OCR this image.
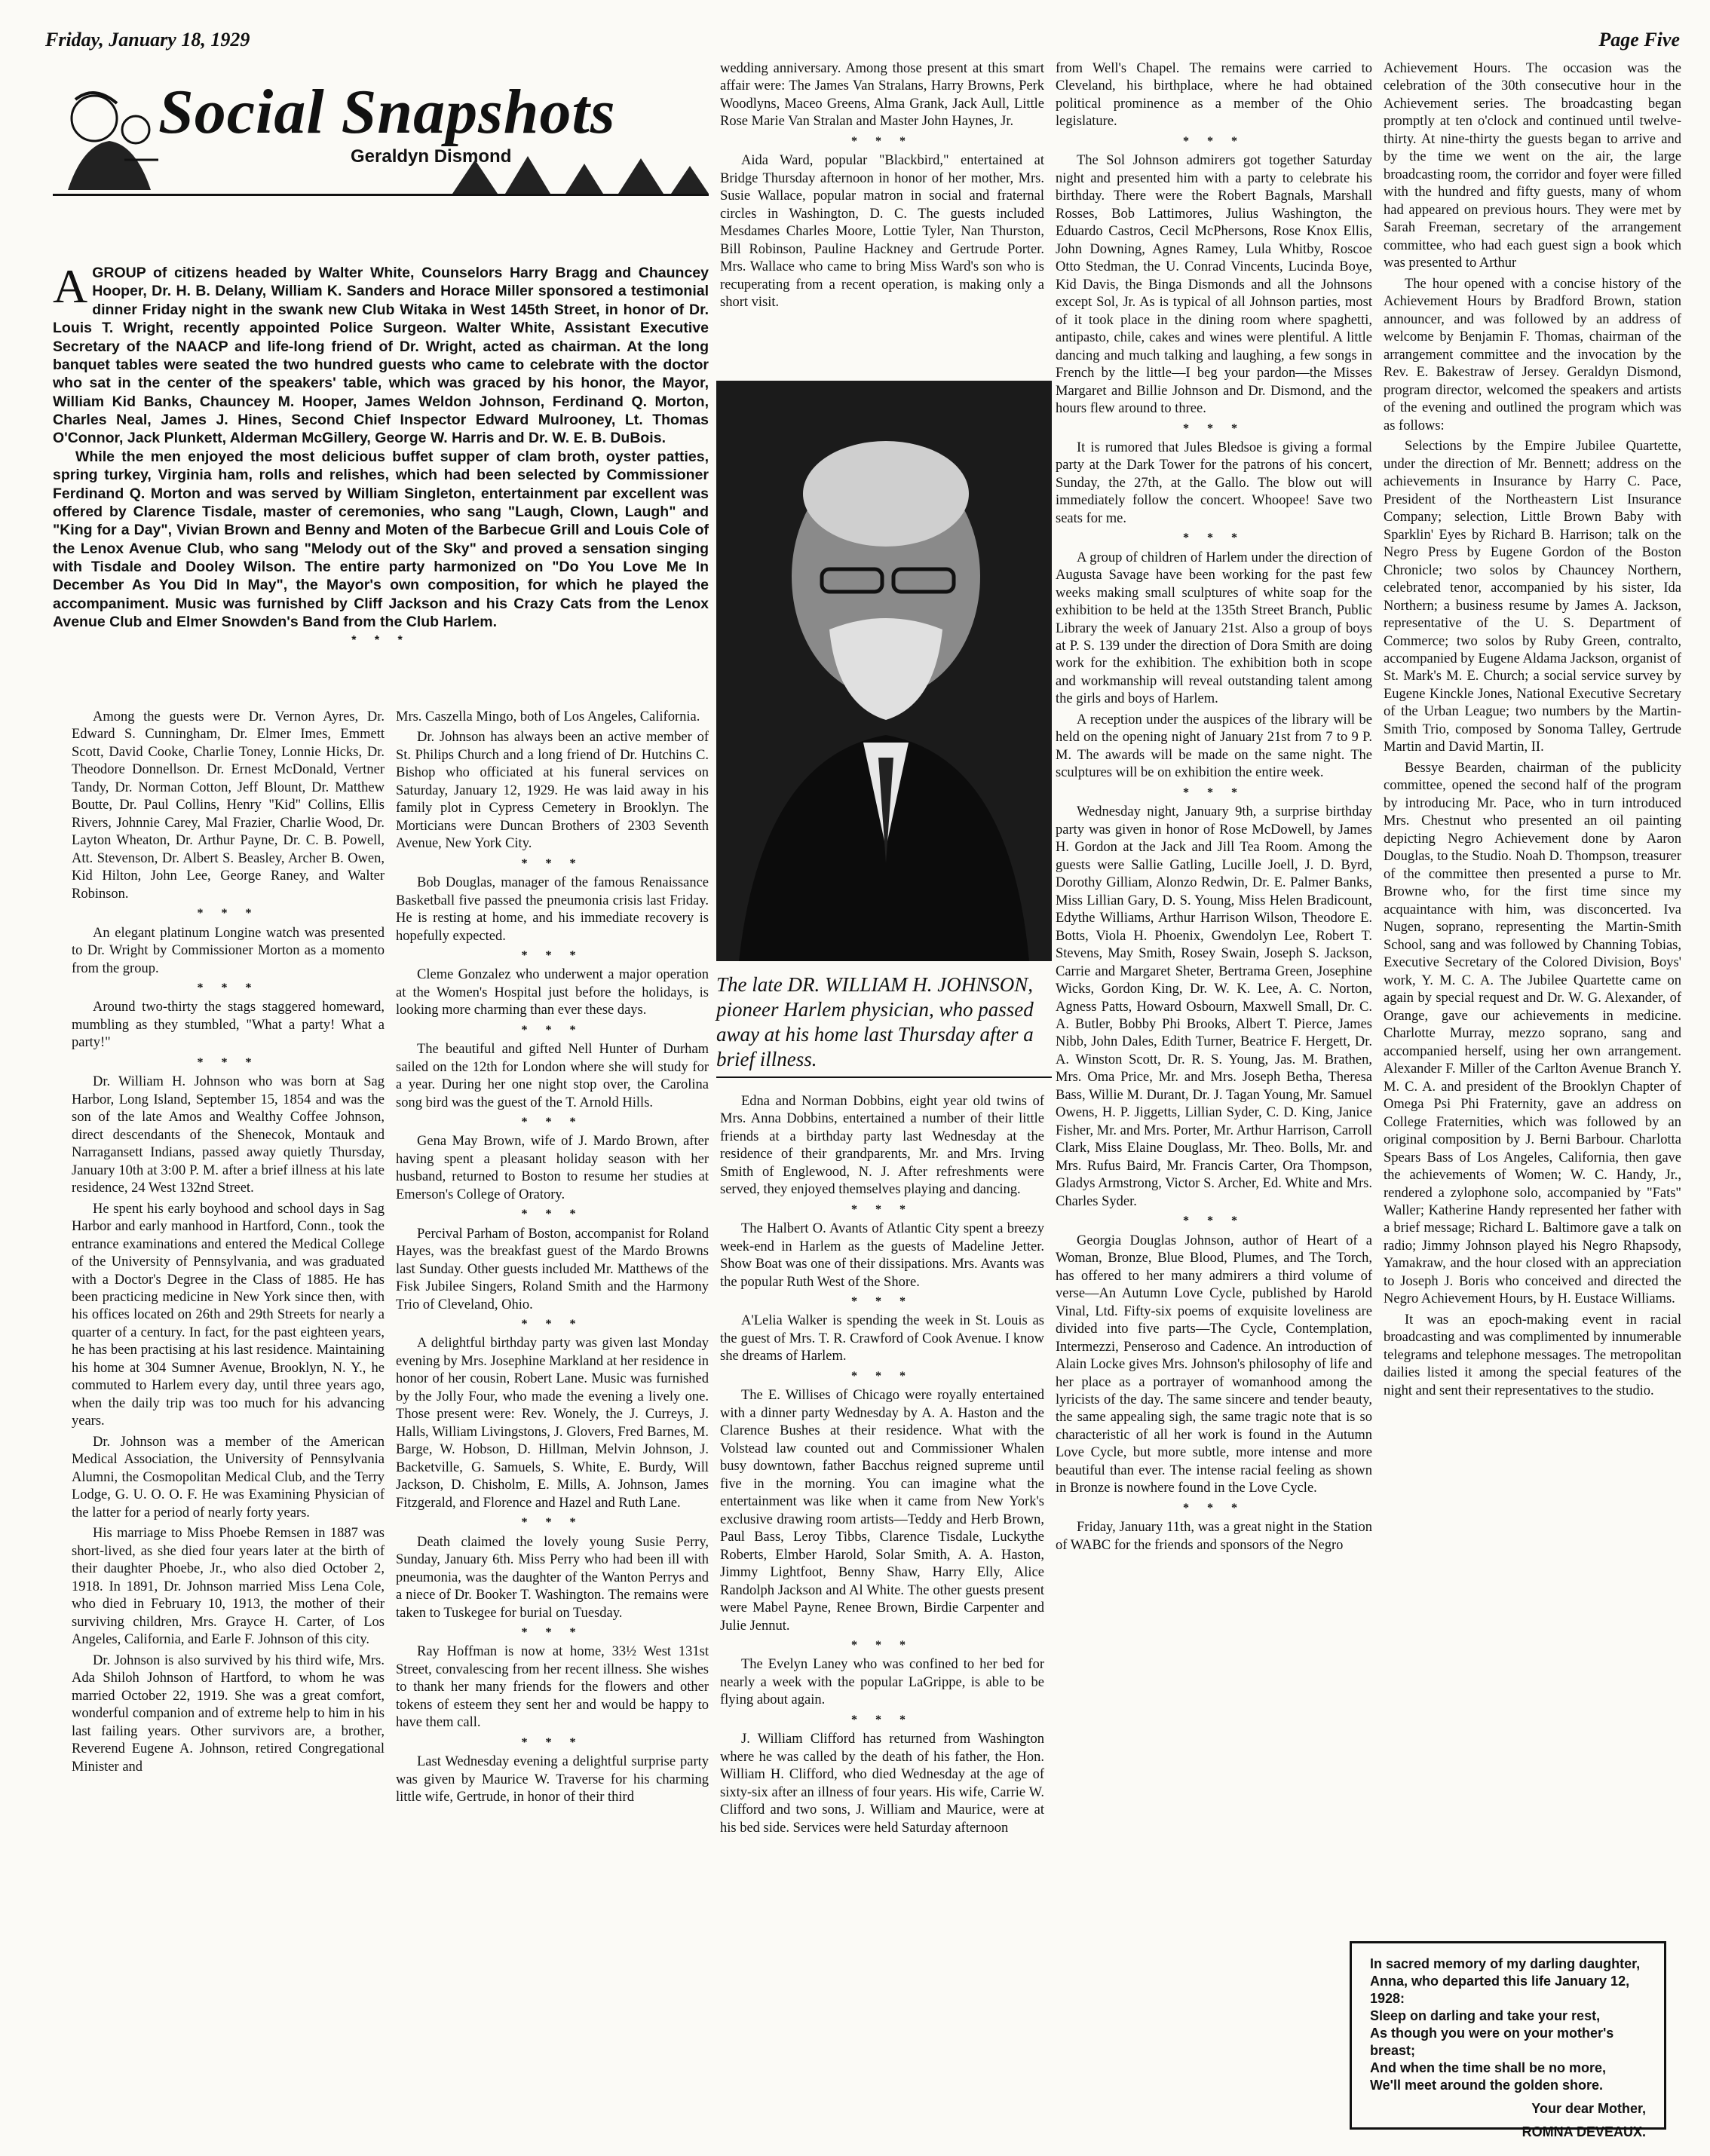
Friday, January 18, 1929	Page Five
Social Snapshots
Geraldyn Dismond

AGROUP of citizens headed by Walter White, Counselors Harry Bragg and Chauncey Hooper, Dr. H. B. Delany, William K. Sanders and Horace Miller sponsored a testimonial dinner Friday night in the swank new Club Witaka in West 145th Street, in honor of Dr. Louis T. Wright, recently appointed Police Surgeon. Walter White, Assistant Executive Secretary of the NAACP and life-long friend of Dr. Wright, acted as chairman. At the long banquet tables were seated the two hundred guests who came to celebrate with the doctor who sat in the center of the speakers' table, which was graced by his honor, the Mayor, William Kid Banks, Chauncey M. Hooper, James Weldon Johnson, Ferdinand Q. Morton, Charles Neal, James J. Hines, Second Chief Inspector Edward Mulrooney, Lt. Thomas O'Connor, Jack Plunkett, Alderman McGillery, George W. Harris and Dr. W. E. B. DuBois.

While the men enjoyed the most delicious buffet supper of clam broth, oyster patties, spring turkey, Virginia ham, rolls and relishes, which had been selected by Commissioner Ferdinand Q. Morton and was served by William Singleton, entertainment par excellent was offered by Clarence Tisdale, master of ceremonies, who sang "Laugh, Clown, Laugh" and "King for a Day", Vivian Brown and Benny and Moten of the Barbecue Grill and Louis Cole of the Lenox Avenue Club, who sang "Melody out of the Sky" and proved a sensation singing with Tisdale and Dooley Wilson. The entire party harmonized on "Do You Love Me In December As You Did In May", the Mayor's own composition, for which he played the accompaniment. Music was furnished by Cliff Jackson and his Crazy Cats from the Lenox Avenue Club and Elmer Snowden's Band from the Club Harlem.

* * *

Among the guests were Dr. Vernon Ayres, Dr. Edward S. Cunningham, Dr. Elmer Imes, Emmett Scott, David Cooke, Charlie Toney, Lonnie Hicks, Dr. Theodore Donnellson. Dr. Ernest McDonald, Vertner Tandy, Dr. Norman Cotton, Jeff Blount, Dr. Matthew Boutte, Dr. Paul Collins, Henry "Kid" Collins, Ellis Rivers, Johnnie Carey, Mal Frazier, Charlie Wood, Dr. Layton Wheaton, Dr. Arthur Payne, Dr. C. B. Powell, Att. Stevenson, Dr. Albert S. Beasley, Archer B. Owen, Kid Hilton, John Lee, George Raney, and Walter Robinson.

* * *

An elegant platinum Longine watch was presented to Dr. Wright by Commissioner Morton as a momento from the group.

* * *

Around two-thirty the stags staggered homeward, mumbling as they stumbled, "What a party! What a party!"

* * *

Dr. William H. Johnson who was born at Sag Harbor, Long Island, September 15, 1854 and was the son of the late Amos and Wealthy Coffee Johnson, direct descendants of the Shenecok, Montauk and Narragansett Indians, passed away quietly Thursday, January 10th at 3:00 P. M. after a brief illness at his late residence, 24 West 132nd Street.

He spent his early boyhood and school days in Sag Harbor and early manhood in Hartford, Conn., took the entrance examinations and entered the Medical College of the University of Pennsylvania, and was graduated with a Doctor's Degree in the Class of 1885. He has been practicing medicine in New York since then, with his offices located on 26th and 29th Streets for nearly a quarter of a century. In fact, for the past eighteen years, he has been practising at his last residence. Maintaining his home at 304 Sumner Avenue, Brooklyn, N. Y., he commuted to Harlem every day, until three years ago, when the daily trip was too much for his advancing years.

Dr. Johnson was a member of the American Medical Association, the University of Pennsylvania Alumni, the Cosmopolitan Medical Club, and the Terry Lodge, G. U. O. O. F. He was Examining Physician of the latter for a period of nearly forty years.

His marriage to Miss Phoebe Remsen in 1887 was short-lived, as she died four years later at the birth of their daughter Phoebe, Jr., who also died October 2, 1918. In 1891, Dr. Johnson married Miss Lena Cole, who died in February 10, 1913, the mother of their surviving children, Mrs. Grayce H. Carter, of Los Angeles, California, and Earle F. Johnson of this city.

Dr. Johnson is also survived by his third wife, Mrs. Ada Shiloh Johnson of Hartford, to whom he was married October 22, 1919. She was a great comfort, wonderful companion and of extreme help to him in his last failing years. Other survivors are, a brother, Reverend Eugene A. Johnson, retired Congregational Minister and

Mrs. Caszella Mingo, both of Los Angeles, California.

Dr. Johnson has always been an active member of St. Philips Church and a long friend of Dr. Hutchins C. Bishop who officiated at his funeral services on Saturday, January 12, 1929. He was laid away in his family plot in Cypress Cemetery in Brooklyn. The Morticians were Duncan Brothers of 2303 Seventh Avenue, New York City.

* * *

Bob Douglas, manager of the famous Renaissance Basketball five passed the pneumonia crisis last Friday. He is resting at home, and his immediate recovery is hopefully expected.

* * *

Cleme Gonzalez who underwent a major operation at the Women's Hospital just before the holidays, is looking more charming than ever these days.

* * *

The beautiful and gifted Nell Hunter of Durham sailed on the 12th for London where she will study for a year. During her one night stop over, the Carolina song bird was the guest of the T. Arnold Hills.

* * *

Gena May Brown, wife of J. Mardo Brown, after having spent a pleasant holiday season with her husband, returned to Boston to resume her studies at Emerson's College of Oratory.

* * *

Percival Parham of Boston, accompanist for Roland Hayes, was the breakfast guest of the Mardo Browns last Sunday. Other guests included Mr. Matthews of the Fisk Jubilee Singers, Roland Smith and the Harmony Trio of Cleveland, Ohio.

* * *

A delightful birthday party was given last Monday evening by Mrs. Josephine Markland at her residence in honor of her cousin, Robert Lane. Music was furnished by the Jolly Four, who made the evening a lively one. Those present were: Rev. Wonely, the J. Curreys, J. Halls, William Livingstons, J. Glovers, Fred Barnes, M. Barge, W. Hobson, D. Hillman, Melvin Johnson, J. Backetville, G. Samuels, S. White, E. Burdy, Will Jackson, D. Chisholm, E. Mills, A. Johnson, James Fitzgerald, and Florence and Hazel and Ruth Lane.

* * *

Death claimed the lovely young Susie Perry, Sunday, January 6th. Miss Perry who had been ill with pneumonia, was the daughter of the Wanton Perrys and a niece of Dr. Booker T. Washington. The remains were taken to Tuskegee for burial on Tuesday.

* * *

Ray Hoffman is now at home, 33½ West 131st Street, convalescing from her recent illness. She wishes to thank her many friends for the flowers and other tokens of esteem they sent her and would be happy to have them call.

* * *

Last Wednesday evening a delightful surprise party was given by Maurice W. Traverse for his charming little wife, Gertrude, in honor of their third

wedding anniversary. Among those present at this smart affair were: The James Van Stralans, Harry Browns, Perk Woodlyns, Maceo Greens, Alma Grank, Jack Aull, Little Rose Marie Van Stralan and Master John Haynes, Jr.

* * *

Aida Ward, popular "Blackbird," entertained at Bridge Thursday afternoon in honor of her mother, Mrs. Susie Wallace, popular matron in social and fraternal circles in Washington, D. C. The guests included Mesdames Charles Moore, Lottie Tyler, Nan Thurston, Bill Robinson, Pauline Hackney and Gertrude Porter. Mrs. Wallace who came to bring Miss Ward's son who is recuperating from a recent operation, is making only a short visit.

The late DR. WILLIAM H. JOHNSON, pioneer Harlem physician, who passed away at his home last Thursday after a brief illness.

Edna and Norman Dobbins, eight year old twins of Mrs. Anna Dobbins, entertained a number of their little friends at a birthday party last Wednesday at the residence of their grandparents, Mr. and Mrs. Irving Smith of Englewood, N. J. After refreshments were served, they enjoyed themselves playing and dancing.

* * *

The Halbert O. Avants of Atlantic City spent a breezy week-end in Harlem as the guests of Madeline Jetter. Show Boat was one of their dissipations. Mrs. Avants was the popular Ruth West of the Shore.

* * *

A'Lelia Walker is spending the week in St. Louis as the guest of Mrs. T. R. Crawford of Cook Avenue. I know she dreams of Harlem.

* * *

The E. Willises of Chicago were royally entertained with a dinner party Wednesday by A. A. Haston and the Clarence Bushes at their residence. What with the Volstead law counted out and Commissioner Whalen busy downtown, father Bacchus reigned supreme until five in the morning. You can imagine what the entertainment was like when it came from New York's exclusive drawing room artists—Teddy and Herb Brown, Paul Bass, Leroy Tibbs, Clarence Tisdale, Luckythe Roberts, Elmber Harold, Solar Smith, A. A. Haston, Jimmy Lightfoot, Benny Shaw, Harry Elly, Alice Randolph Jackson and Al White. The other guests present were Mabel Payne, Renee Brown, Birdie Carpenter and Julie Jennut.

* * *

The Evelyn Laney who was confined to her bed for nearly a week with the popular LaGrippe, is able to be flying about again.

* * *

J. William Clifford has returned from Washington where he was called by the death of his father, the Hon. William H. Clifford, who died Wednesday at the age of sixty-six after an illness of four years. His wife, Carrie W. Clifford and two sons, J. William and Maurice, were at his bed side. Services were held Saturday afternoon

from Well's Chapel. The remains were carried to Cleveland, his birthplace, where he had obtained political prominence as a member of the Ohio legislature.

* * *

The Sol Johnson admirers got together Saturday night and presented him with a party to celebrate his birthday. There were the Robert Bagnals, Marshall Rosses, Bob Lattimores, Julius Washington, the Eduardo Castros, Cecil McPhersons, Rose Knox Ellis, John Downing, Agnes Ramey, Lula Whitby, Roscoe Otto Stedman, the U. Conrad Vincents, Lucinda Boye, Kid Davis, the Binga Dismonds and all the Johnsons except Sol, Jr. As is typical of all Johnson parties, most of it took place in the dining room where spaghetti, antipasto, chile, cakes and wines were plentiful. A little dancing and much talking and laughing, a few songs in French by the little—I beg your pardon—the Misses Margaret and Billie Johnson and Dr. Dismond, and the hours flew around to three.

* * *

It is rumored that Jules Bledsoe is giving a formal party at the Dark Tower for the patrons of his concert, Sunday, the 27th, at the Gallo. The blow out will immediately follow the concert. Whoopee! Save two seats for me.

* * *

A group of children of Harlem under the direction of Augusta Savage have been working for the past few weeks making small sculptures of white soap for the exhibition to be held at the 135th Street Branch, Public Library the week of January 21st. Also a group of boys at P. S. 139 under the direction of Dora Smith are doing work for the exhibition. The exhibition both in scope and workmanship will reveal outstanding talent among the girls and boys of Harlem.

A reception under the auspices of the library will be held on the opening night of January 21st from 7 to 9 P. M. The awards will be made on the same night. The sculptures will be on exhibition the entire week.

* * *

Wednesday night, January 9th, a surprise birthday party was given in honor of Rose McDowell, by James H. Gordon at the Jack and Jill Tea Room. Among the guests were Sallie Gatling, Lucille Joell, J. D. Byrd, Dorothy Gilliam, Alonzo Redwin, Dr. E. Palmer Banks, Miss Lillian Gary, D. S. Young, Miss Helen Bradicount, Edythe Williams, Arthur Harrison Wilson, Theodore E. Botts, Viola H. Phoenix, Gwendolyn Lee, Robert T. Stevens, May Smith, Rosey Swain, Joseph S. Jackson, Carrie and Margaret Sheter, Bertrama Green, Josephine Wicks, Gordon King, Dr. W. K. Lee, A. C. Norton, Agness Patts, Howard Osbourn, Maxwell Small, Dr. C. A. Butler, Bobby Phi Brooks, Albert T. Pierce, James Nibb, John Dales, Edith Turner, Beatrice F. Hergett, Dr. A. Winston Scott, Dr. R. S. Young, Jas. M. Brathen, Mrs. Oma Price, Mr. and Mrs. Joseph Betha, Theresa Bass, Willie M. Durant, Dr. J. Tagan Young, Mr. Samuel Owens, H. P. Jiggetts, Lillian Syder, C. D. King, Janice Fisher, Mr. and Mrs. Porter, Mr. Arthur Harrison, Carroll Clark, Miss Elaine Douglass, Mr. Theo. Bolls, Mr. and Mrs. Rufus Baird, Mr. Francis Carter, Ora Thompson, Gladys Armstrong, Victor S. Archer, Ed. White and Mrs. Charles Syder.

* * *

Georgia Douglas Johnson, author of Heart of a Woman, Bronze, Blue Blood, Plumes, and The Torch, has offered to her many admirers a third volume of verse—An Autumn Love Cycle, published by Harold Vinal, Ltd. Fifty-six poems of exquisite loveliness are divided into five parts—The Cycle, Contemplation, Intermezzi, Penseroso and Cadence. An introduction of Alain Locke gives Mrs. Johnson's philosophy of life and her place as a portrayer of womanhood among the lyricists of the day. The same sincere and tender beauty, the same appealing sigh, the same tragic note that is so characteristic of all her work is found in the Autumn Love Cycle, but more subtle, more intense and more beautiful than ever. The intense racial feeling as shown in Bronze is nowhere found in the Love Cycle.

* * *

Friday, January 11th, was a great night in the Station of WABC for the friends and sponsors of the Negro

Achievement Hours. The occasion was the celebration of the 30th consecutive hour in the Achievement series. The broadcasting began promptly at ten o'clock and continued until twelve-thirty. At nine-thirty the guests began to arrive and by the time we went on the air, the large broadcasting room, the corridor and foyer were filled with the hundred and fifty guests, many of whom had appeared on previous hours. They were met by Sarah Freeman, secretary of the arrangement committee, who had each guest sign a book which was presented to Arthur

The hour opened with a concise history of the Achievement Hours by Bradford Brown, station announcer, and was followed by an address of welcome by Benjamin F. Thomas, chairman of the arrangement committee and the invocation by the Rev. E. Bakestraw of Jersey. Geraldyn Dismond, program director, welcomed the speakers and artists of the evening and outlined the program which was as follows:

Selections by the Empire Jubilee Quartette, under the direction of Mr. Bennett; address on the achievements in Insurance by Harry C. Pace, President of the Northeastern List Insurance Company; selection, Little Brown Baby with Sparklin' Eyes by Richard B. Harrison; talk on the Negro Press by Eugene Gordon of the Boston Chronicle; two solos by Chauncey Northern, celebrated tenor, accompanied by his sister, Ida Northern; a business resume by James A. Jackson, representative of the U. S. Department of Commerce; two solos by Ruby Green, contralto, accompanied by Eugene Aldama Jackson, organist of St. Mark's M. E. Church; a social service survey by Eugene Kinckle Jones, National Executive Secretary of the Urban League; two numbers by the Martin-Smith Trio, composed by Sonoma Talley, Gertrude Martin and David Martin, II.

Bessye Bearden, chairman of the publicity committee, opened the second half of the program by introducing Mr. Pace, who in turn introduced Mrs. Chestnut who presented an oil painting depicting Negro Achievement done by Aaron Douglas, to the Studio. Noah D. Thompson, treasurer of the committee then presented a purse to Mr. Browne who, for the first time since my acquaintance with him, was disconcerted. Iva Nugen, soprano, representing the Martin-Smith School, sang and was followed by Channing Tobias, Executive Secretary of the Colored Division, Boys' work, Y. M. C. A. The Jubilee Quartette came on again by special request and Dr. W. G. Alexander, of Orange, gave our achievements in medicine. Charlotte Murray, mezzo soprano, sang and accompanied herself, using her own arrangement. Alexander F. Miller of the Carlton Avenue Branch Y. M. C. A. and president of the Brooklyn Chapter of Omega Psi Phi Fraternity, gave an address on College Fraternities, which was followed by an original composition by J. Berni Barbour. Charlotta Spears Bass of Los Angeles, California, then gave the achievements of Women; W. C. Handy, Jr., rendered a zylophone solo, accompanied by "Fats" Waller; Katherine Handy represented her father with a brief message; Richard L. Baltimore gave a talk on radio; Jimmy Johnson played his Negro Rhapsody, Yamakraw, and the hour closed with an appreciation to Joseph J. Boris who conceived and directed the Negro Achievement Hours, by H. Eustace Williams.

It was an epoch-making event in racial broadcasting and was complimented by innumerable telegrams and telephone messages. The metropolitan dailies listed it among the special features of the night and sent their representatives to the studio.

In sacred memory of my darling daughter, Anna, who departed this life January 12, 1928:

Sleep on darling and take your rest,

As though you were on your mother's breast;

And when the time shall be no more,

We'll meet around the golden shore.

Your dear Mother,

ROMNA DEVEAUX.
